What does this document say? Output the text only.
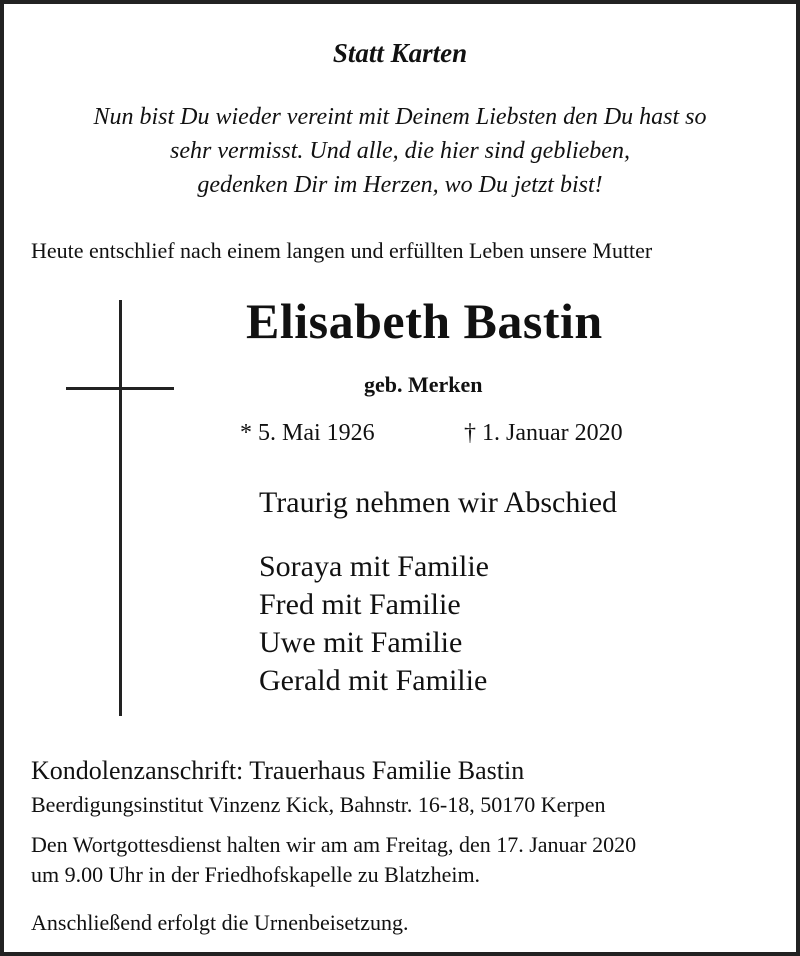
Statt Karten
Nun bist Du wieder vereint mit Deinem Liebsten den Du hast so
sehr vermisst. Und alle, die hier sind geblieben,
gedenken Dir im Herzen, wo Du jetzt bist!
Heute entschlief nach einem langen und erfüllten Leben unsere Mutter
Elisabeth Bastin
geb. Merken
* 5. Mai 1926	† 1. Januar 2020
Traurig nehmen wir Abschied
Soraya mit Familie
Fred mit Familie
Uwe mit Familie
Gerald mit Familie
Kondolenzanschrift: Trauerhaus Familie Bastin
Beerdigungsinstitut Vinzenz Kick, Bahnstr. 16-18, 50170 Kerpen
Den Wortgottesdienst halten wir am am Freitag, den 17. Januar 2020
um 9.00 Uhr in der Friedhofskapelle zu Blatzheim.
Anschließend erfolgt die Urnenbeisetzung.
